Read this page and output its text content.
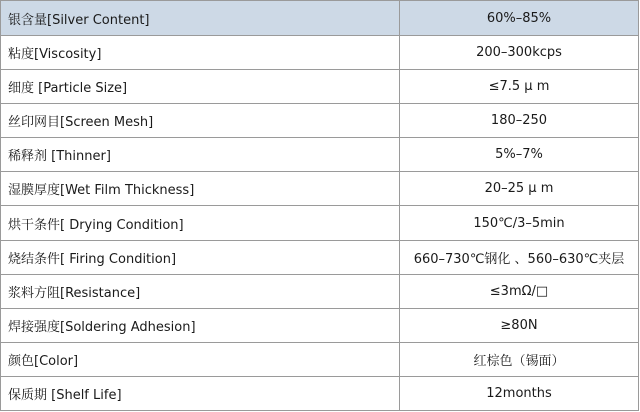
银含量[Silver Content]	60%–85%
粘度[Viscosity]	200–300kcps
细度 [Particle Size]	≤7.5 μ m
丝印网目[Screen Mesh]	180–250
稀释剂 [Thinner]	5%–7%
湿膜厚度[Wet Film Thickness]	20–25 μ m
烘干条件[ Drying Condition]	150℃/3–5min
烧结条件[ Firing Condition]	660–730℃钢化 、560–630℃夹层
浆料方阻[Resistance]	≤3mΩ/□
焊接强度[Soldering Adhesion]	≥80N
颜色[Color]	红棕色（锡面）
保质期 [Shelf Life]	12months
